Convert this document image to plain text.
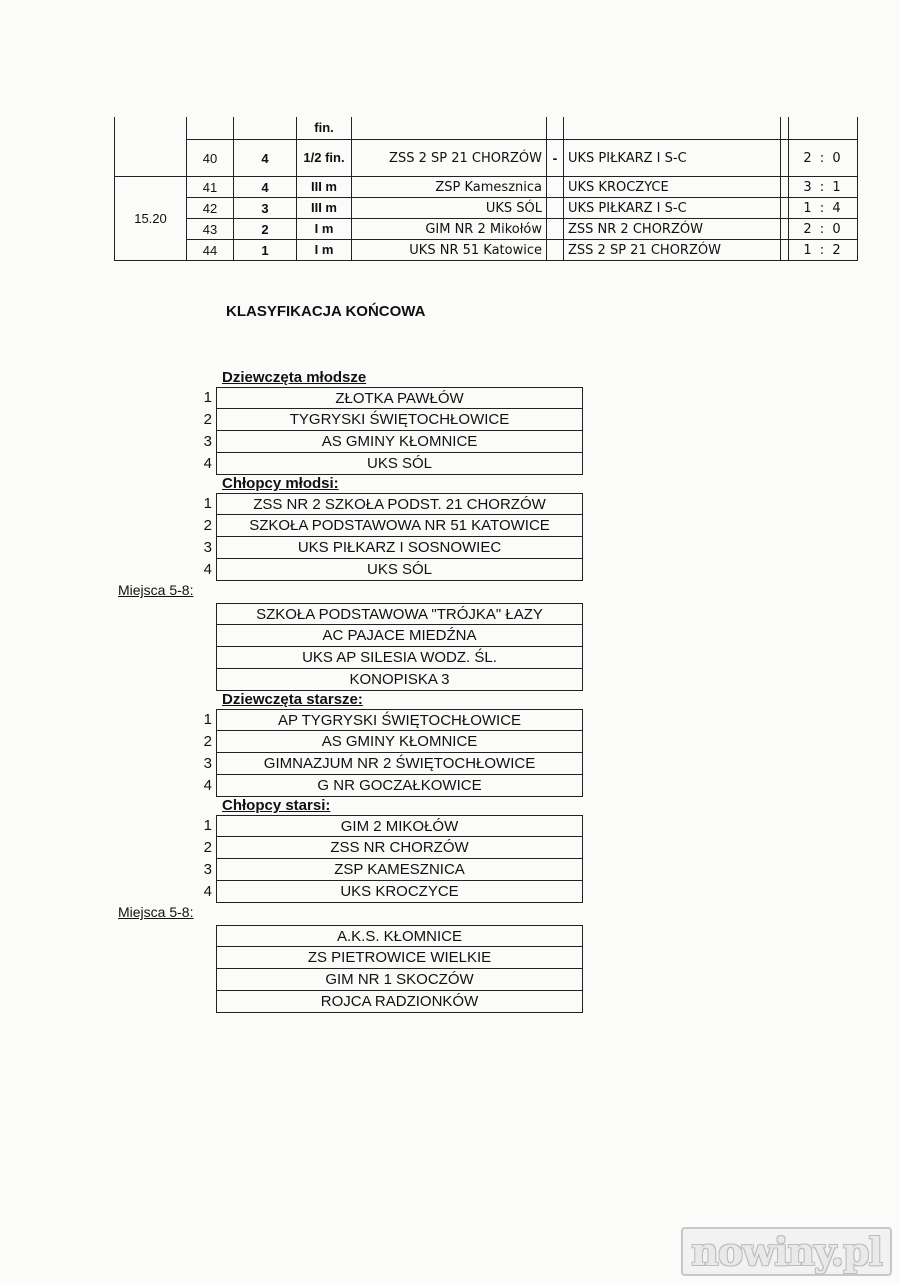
			fin.					
	40	4	1/2 fin.	ZSS 2 SP 21 CHORZÓW	-	UKS PIŁKARZ I S-C		2 : 0
15.20	41	4	III m	ZSP Kamesznica		UKS KROCZYCE		3 : 1
	42	3	III m	UKS SÓL		UKS PIŁKARZ I S-C		1 : 4
	43	2	I m	GIM NR 2 Mikołów		ZSS NR 2 CHORZÓW		2 : 0
	44	1	I m	UKS NR 51 Katowice		ZSS 2 SP 21 CHORZÓW		1 : 2
KLASYFIKACJA KOŃCOWA
Dziewczęta młodsze
1	ZŁOTKA PAWŁÓW
2	TYGRYSKI ŚWIĘTOCHŁOWICE
3	AS GMINY KŁOMNICE
4	UKS SÓL
Chłopcy młodsi:
1	ZSS NR 2 SZKOŁA PODST. 21 CHORZÓW
2	SZKOŁA PODSTAWOWA NR 51 KATOWICE
3	UKS PIŁKARZ I SOSNOWIEC
4	UKS SÓL
Miejsca 5-8:
SZKOŁA PODSTAWOWA "TRÓJKA" ŁAZY
AC PAJACE MIEDŹNA
UKS AP SILESIA WODZ. ŚL.
KONOPISKA 3
Dziewczęta starsze:
1	AP TYGRYSKI ŚWIĘTOCHŁOWICE
2	AS GMINY KŁOMNICE
3	GIMNAZJUM NR 2 ŚWIĘTOCHŁOWICE
4	G NR GOCZAŁKOWICE
Chłopcy starsi:
1	GIM 2 MIKOŁÓW
2	ZSS NR CHORZÓW
3	ZSP KAMESZNICA
4	UKS KROCZYCE
Miejsca 5-8:
A.K.S. KŁOMNICE
ZS PIETROWICE WIELKIE
GIM NR 1 SKOCZÓW
ROJCA RADZIONKÓW
nowiny.pl
